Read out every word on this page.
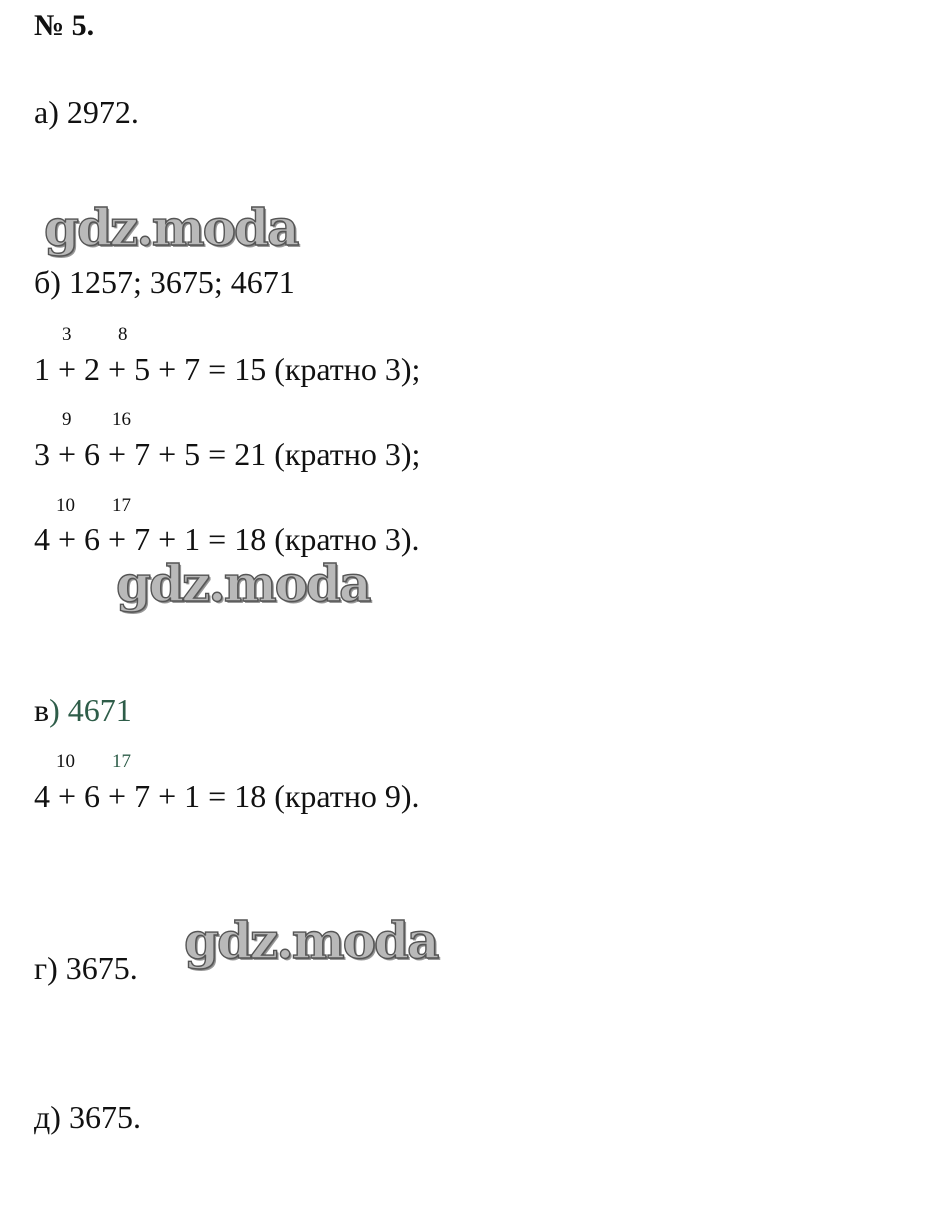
№ 5.
а) 2972.
gdz.moda
б) 1257; 3675; 4671
3 8
1 + 2 + 5 + 7 = 15 (кратно 3);
9 16
3 + 6 + 7 + 5 = 21 (кратно 3);
10 17
4 + 6 + 7 + 1 = 18 (кратно 3).
gdz.moda
в) 4671
10 17
4 + 6 + 7 + 1 = 18 (кратно 9).
gdz.moda
г) 3675.
д) 3675.
